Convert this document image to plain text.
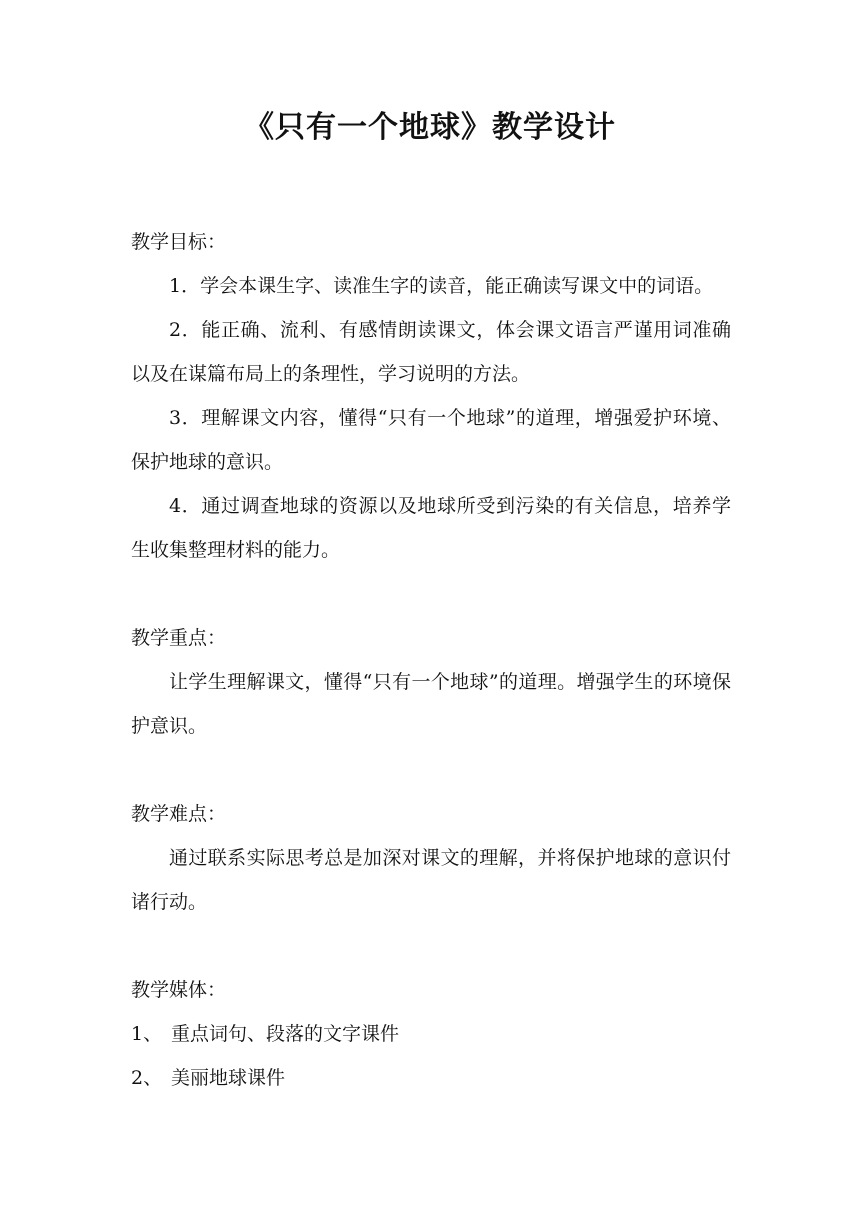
《只有一个地球》教学设计

教学目标：

1．学会本课生字、读准生字的读音，能正确读写课文中的词语。

2．能正确、流利、有感情朗读课文，体会课文语言严谨用词准确以及在谋篇布局上的条理性，学习说明的方法。

3．理解课文内容，懂得“只有一个地球”的道理，增强爱护环境、保护地球的意识。

4．通过调查地球的资源以及地球所受到污染的有关信息，培养学生收集整理材料的能力。

教学重点：

让学生理解课文，懂得“只有一个地球”的道理。增强学生的环境保护意识。

教学难点：

通过联系实际思考总是加深对课文的理解，并将保护地球的意识付诸行动。

教学媒体：

1、 重点词句、段落的文字课件

2、 美丽地球课件
